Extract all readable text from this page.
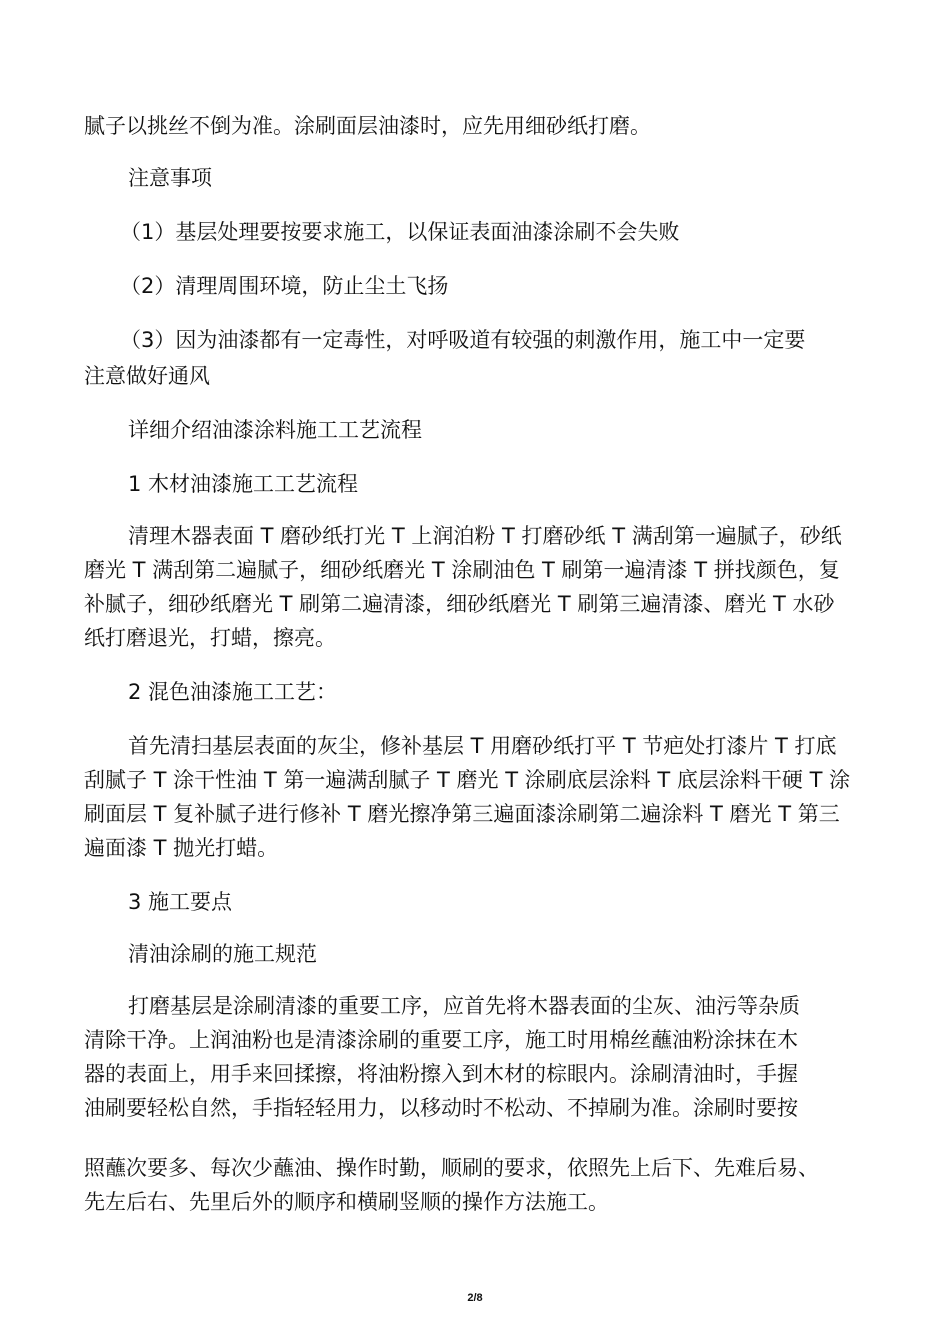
腻子以挑丝不倒为准。涂刷面层油漆时，应先用细砂纸打磨。
注意事项
（1）基层处理要按要求施工，以保证表面油漆涂刷不会失败
（2）清理周围环境，防止尘土飞扬
（3）因为油漆都有一定毒性，对呼吸道有较强的刺激作用，施工中一定要
注意做好通风
详细介绍油漆涂料施工工艺流程
1 木材油漆施工工艺流程
清理木器表面 T 磨砂纸打光 T 上润泊粉 T 打磨砂纸 T 满刮第一遍腻子，砂纸
磨光 T 满刮第二遍腻子，细砂纸磨光 T 涂刷油色 T 刷第一遍清漆 T 拼找颜色，复
补腻子，细砂纸磨光 T 刷第二遍清漆，细砂纸磨光 T 刷第三遍清漆、磨光 T 水砂
纸打磨退光，打蜡，擦亮。
2 混色油漆施工工艺：
首先清扫基层表面的灰尘，修补基层 T 用磨砂纸打平 T 节疤处打漆片 T 打底
刮腻子 T 涂干性油 T 第一遍满刮腻子 T 磨光 T 涂刷底层涂料 T 底层涂料干硬 T 涂
刷面层 T 复补腻子进行修补 T 磨光擦净第三遍面漆涂刷第二遍涂料 T 磨光 T 第三
遍面漆 T 抛光打蜡。
3 施工要点
清油涂刷的施工规范
打磨基层是涂刷清漆的重要工序，应首先将木器表面的尘灰、油污等杂质
清除干净。上润油粉也是清漆涂刷的重要工序，施工时用棉丝蘸油粉涂抹在木
器的表面上，用手来回揉擦，将油粉擦入到木材的棕眼内。涂刷清油时，手握
油刷要轻松自然，手指轻轻用力，以移动时不松动、不掉刷为准。涂刷时要按
照蘸次要多、每次少蘸油、操作时勤，顺刷的要求，依照先上后下、先难后易、
先左后右、先里后外的顺序和横刷竖顺的操作方法施工。
2/8
